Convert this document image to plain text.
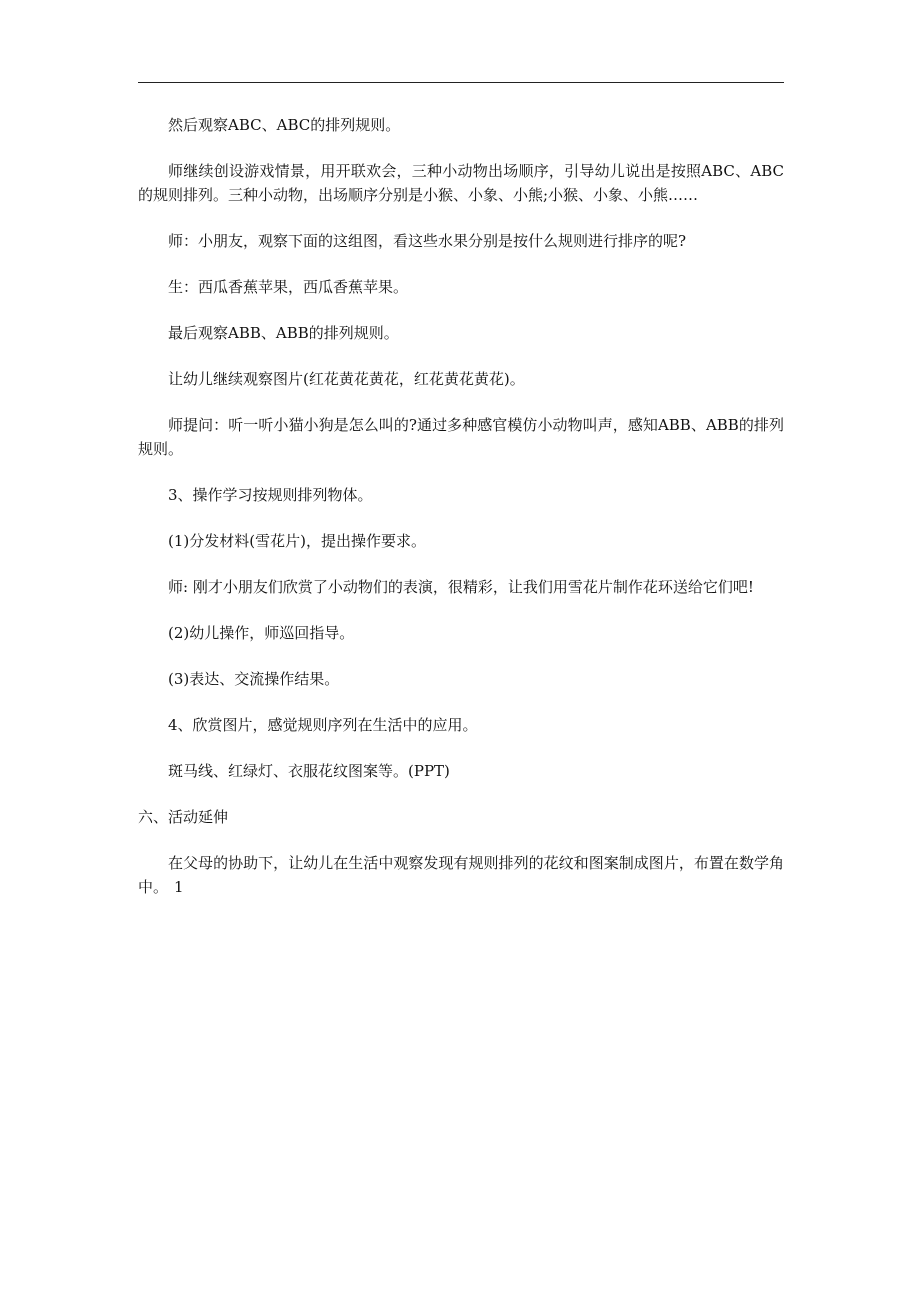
然后观察ABC、ABC的排列规则。

师继续创设游戏情景，用开联欢会，三种小动物出场顺序，引导幼儿说出是按照ABC、ABC的规则排列。三种小动物，出场顺序分别是小猴、小象、小熊;小猴、小象、小熊……

师：小朋友，观察下面的这组图，看这些水果分别是按什么规则进行排序的呢?

生：西瓜香蕉苹果，西瓜香蕉苹果。

最后观察ABB、ABB的排列规则。

让幼儿继续观察图片(红花黄花黄花，红花黄花黄花)。

师提问：听一听小猫小狗是怎么叫的?通过多种感官模仿小动物叫声，感知ABB、ABB的排列规则。

3、操作学习按规则排列物体。

(1)分发材料(雪花片)，提出操作要求。

师: 刚才小朋友们欣赏了小动物们的表演，很精彩，让我们用雪花片制作花环送给它们吧!

(2)幼儿操作，师巡回指导。

(3)表达、交流操作结果。

4、欣赏图片，感觉规则序列在生活中的应用。

斑马线、红绿灯、衣服花纹图案等。(PPT)

六、活动延伸

在父母的协助下，让幼儿在生活中观察发现有规则排列的花纹和图案制成图片，布置在数学角中。 1
